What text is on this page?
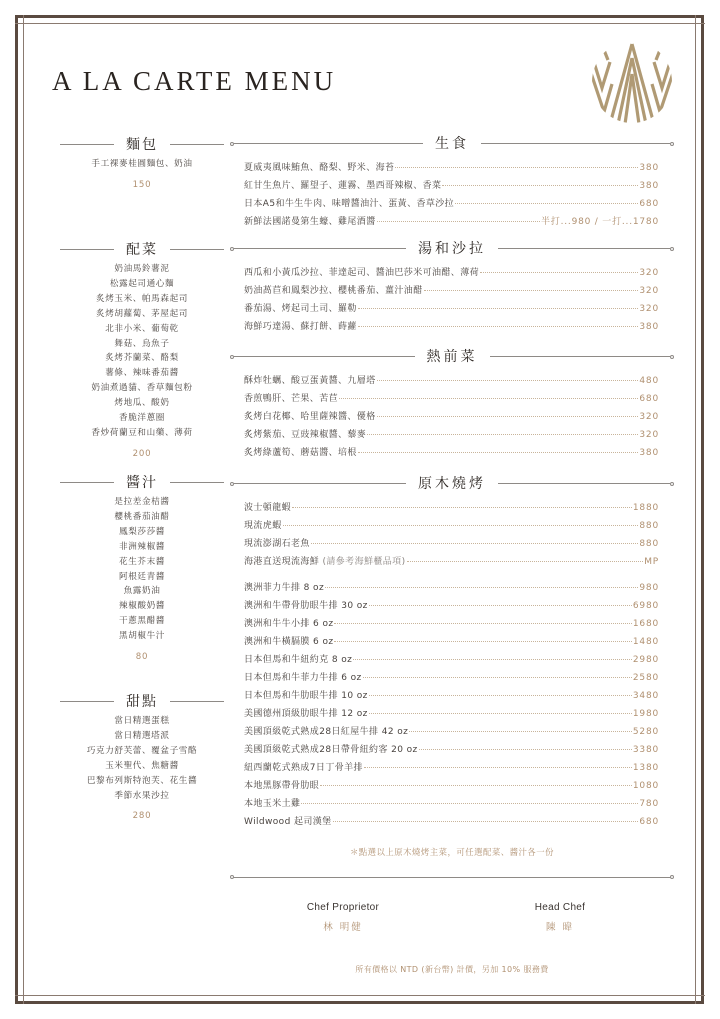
A LA CARTE MENU
麵包
手工裸麥桂圓麵包、奶油
150
配菜
奶油馬鈴薯泥
松露起司通心麵
炙烤玉米、帕馬森起司
炙烤胡蘿蔔、茅屋起司
北非小米、葡萄乾
舞菇、烏魚子
炙烤芥蘭菜、酪梨
薯條、辣味番茄醬
奶油煮過貓、香草麵包粉
烤地瓜、酸奶
香脆洋蔥圈
香炒荷蘭豆和山藥、薄荷
200
醬汁
是拉差金桔醬
櫻桃番茄油醋
鳳梨莎莎醬
非洲辣椒醬
花生芥末醬
阿根廷青醬
魚露奶油
辣椒酸奶醬
干蔥黑醋醬
黑胡椒牛汁
80
甜點
當日精選蛋糕
當日精選塔派
巧克力舒芙蕾、覆盆子雪酪
玉米聖代、焦糖醬
巴黎布列斯特泡芙、花生醬
季節水果沙拉
280
生食
夏威夷風味鮪魚、酪梨、野米、海苔	380
紅甘生魚片、羅望子、蓮霧、墨西哥辣椒、香菜	380
日本A5和牛生牛肉、味噌醬油汁、蛋黃、香草沙拉	680
新鮮法國諾曼第生蠔、雞尾酒醬	半打...980 / 一打...1780
湯和沙拉
西瓜和小黃瓜沙拉、菲達起司、醬油巴莎米可油醋、薄荷	320
奶油萵苣和鳳梨沙拉、櫻桃番茄、薑汁油醋	320
番茄湯、烤起司土司、羅勒	320
海鮮巧達湯、蘇打餅、蒔蘿	380
熱前菜
酥炸牡蠣、酸豆蛋黃醬、九層塔	480
香煎鴨肝、芒果、苦苣	680
炙烤白花椰、哈里薩辣醬、優格	320
炙烤紫茄、豆豉辣椒醬、藜麥	320
炙烤綠蘆筍、蘑菇醬、培根	380
原木燒烤
波士頓龍蝦	1880
現流虎蝦	880
現流澎湖石老魚	880
海港直送現流海鮮 (請參考海鮮櫃品項)	MP
澳洲菲力牛排 8 oz	980
澳洲和牛帶骨肋眼牛排 30 oz	6980
澳洲和牛牛小排 6 oz	1680
澳洲和牛橫膈膜 6 oz	1480
日本但馬和牛紐約克 8 oz	2980
日本但馬和牛菲力牛排 6 oz	2580
日本但馬和牛肋眼牛排 10 oz	3480
美國德州頂級肋眼牛排 12 oz	1980
美國頂級乾式熟成28日紅屋牛排 42 oz	5280
美國頂級乾式熟成28日帶骨紐約客 20 oz	3380
紐西蘭乾式熟成7日丁骨羊排	1380
本地黑豚帶骨肋眼	1080
本地玉米土雞	780
Wildwood 起司漢堡	680
＊點選以上原木燒烤主菜，可任選配菜、醬汁各一份
Chef Proprietor
林 明健
Head Chef
陳 暐
所有價格以 NTD (新台幣) 計價，另加 10% 服務費
